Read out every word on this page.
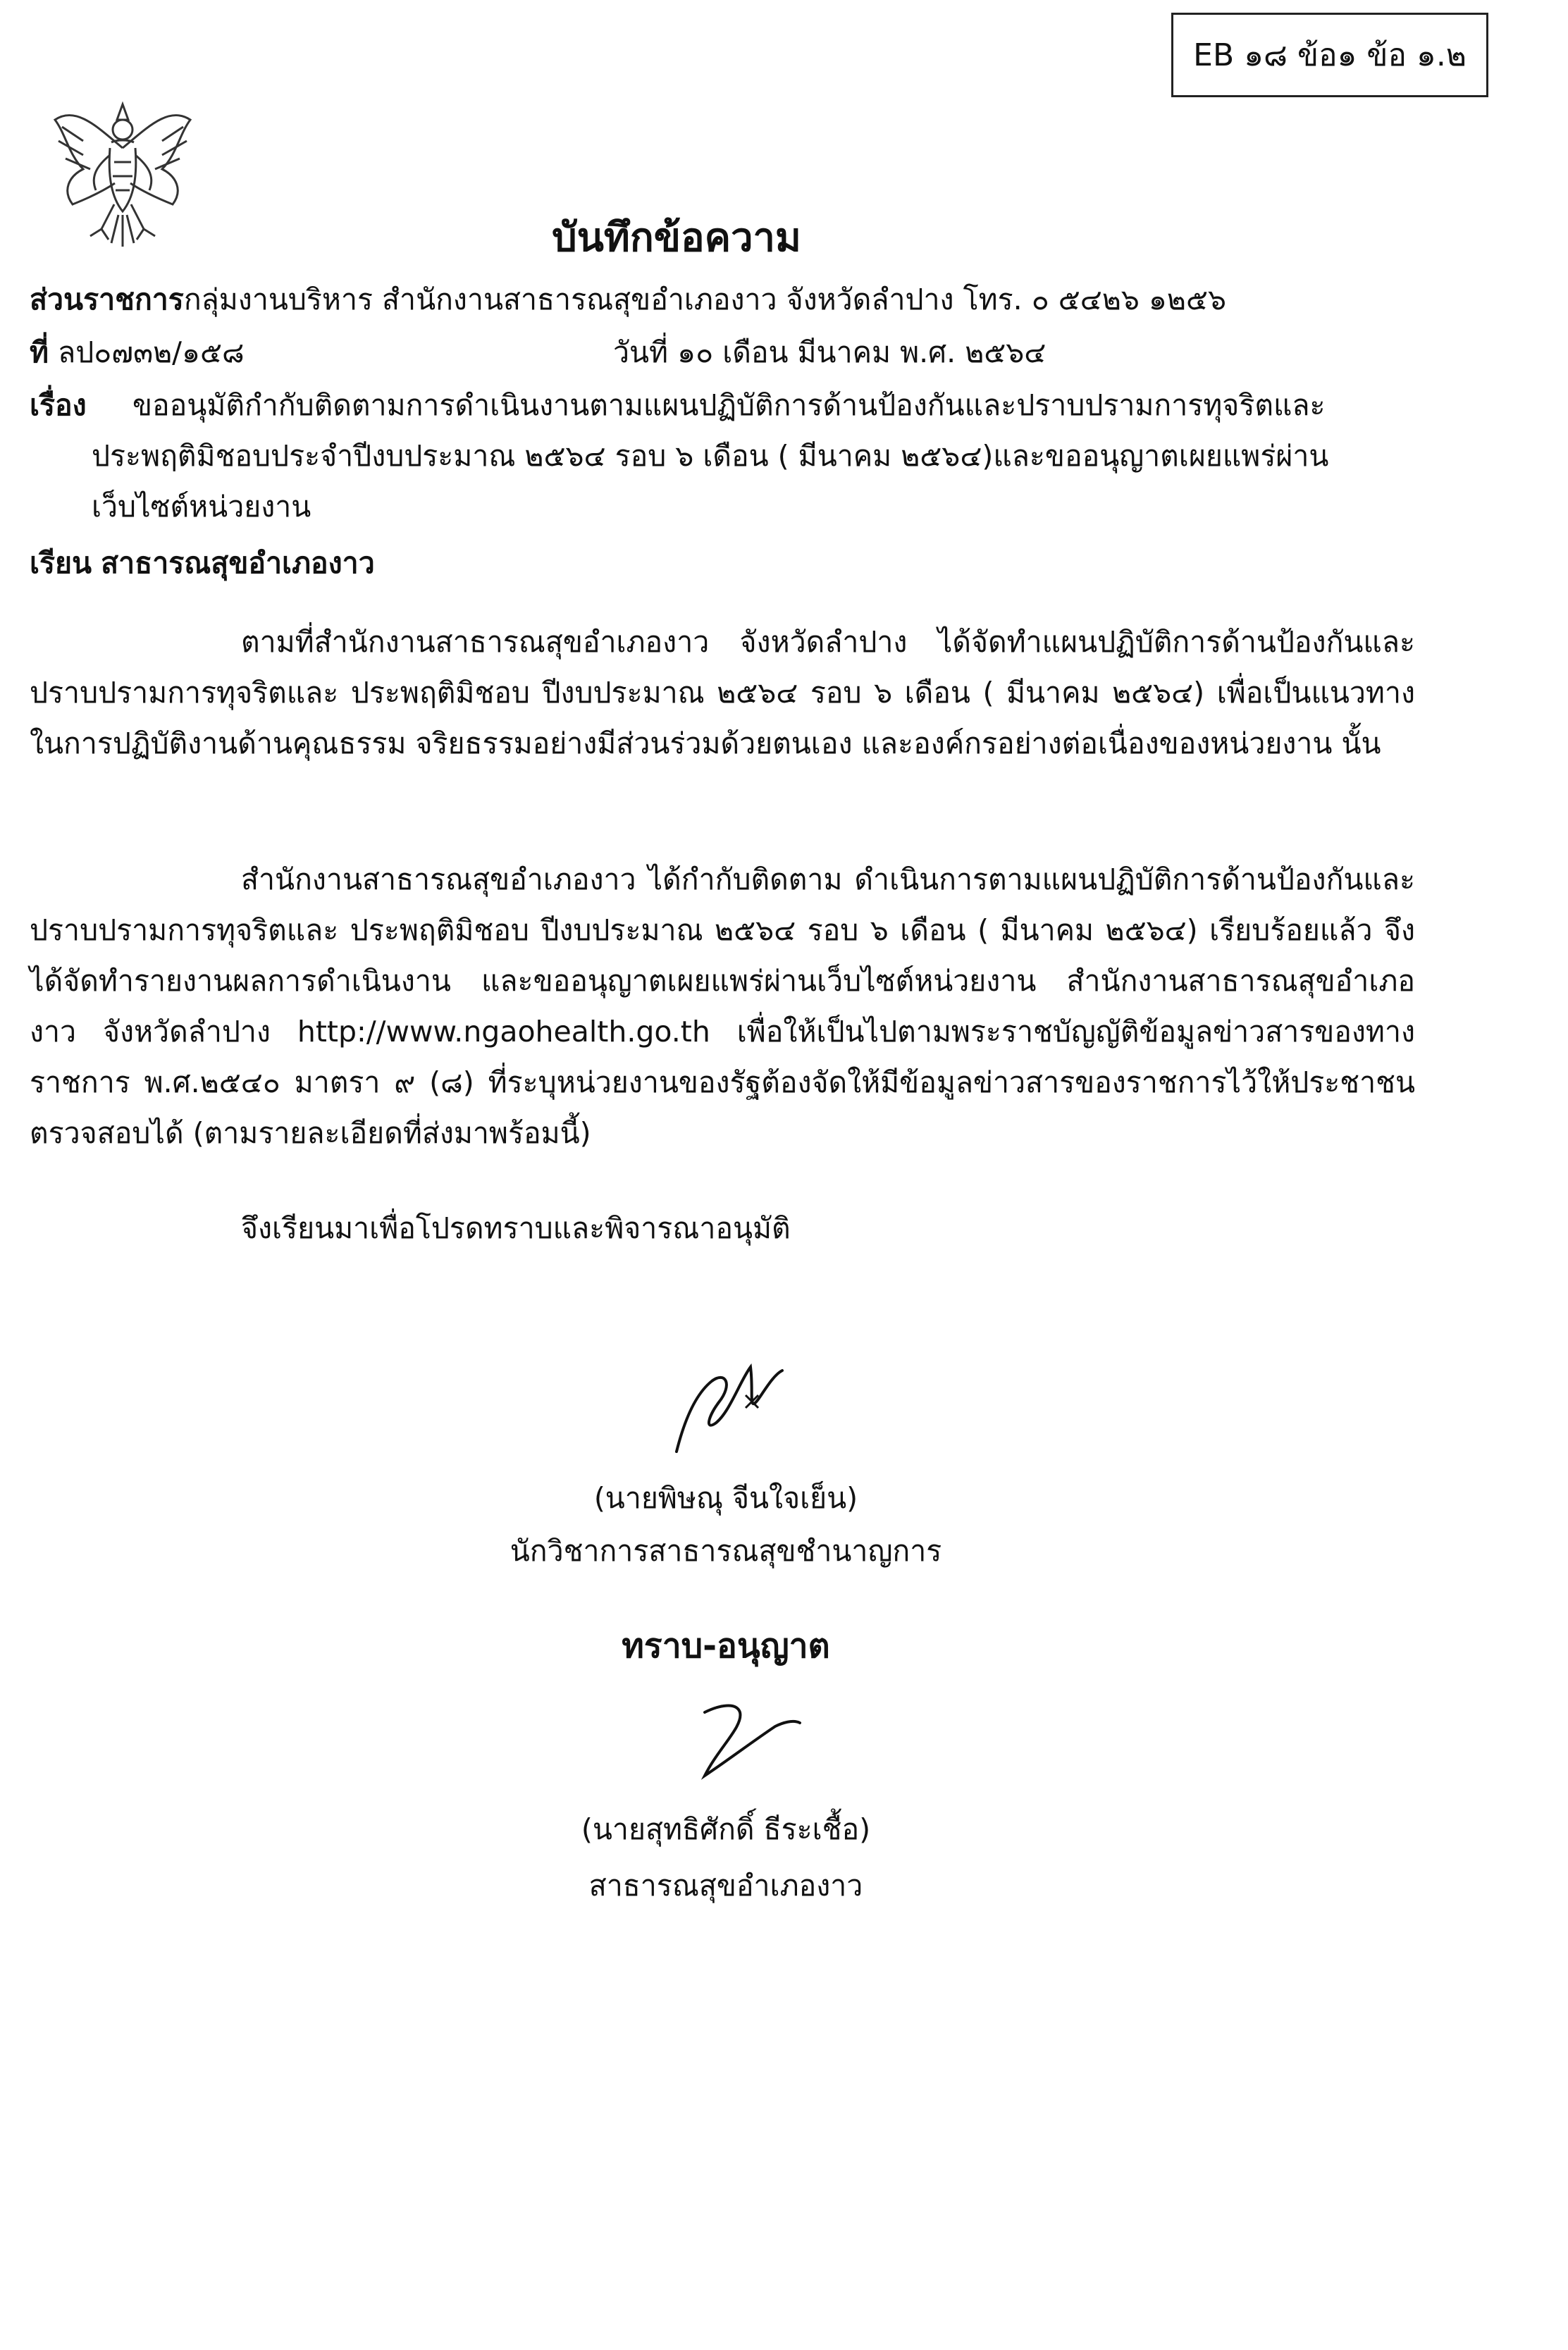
EB ๑๘ ข้อ๑ ข้อ ๑.๒
บันทึกข้อความ
ส่วนราชการกลุ่มงานบริหาร สำนักงานสาธารณสุขอำเภองาว จังหวัดลำปาง โทร. ๐ ๕๔๒๖ ๑๒๕๖
ที่ ลป๐๗๓๒/๑๕๘	วันที่ ๑๐ เดือน มีนาคม พ.ศ. ๒๕๖๔
เรื่อง ขออนุมัติกำกับติดตามการดำเนินงานตามแผนปฏิบัติการด้านป้องกันและปราบปรามการทุจริตและ
ประพฤติมิชอบประจำปีงบประมาณ ๒๕๖๔ รอบ ๖ เดือน ( มีนาคม ๒๕๖๔)และขออนุญาตเผยแพร่ผ่าน
เว็บไซต์หน่วยงาน
เรียน สาธารณสุขอำเภองาว
ตามที่สำนักงานสาธารณสุขอำเภองาว จังหวัดลำปาง ได้จัดทำแผนปฏิบัติการด้านป้องกันและปราบปรามการทุจริตและ ประพฤติมิชอบ ปีงบประมาณ ๒๕๖๔ รอบ ๖ เดือน ( มีนาคม ๒๕๖๔) เพื่อเป็นแนวทางในการปฏิบัติงานด้านคุณธรรม จริยธรรมอย่างมีส่วนร่วมด้วยตนเอง และองค์กรอย่างต่อเนื่องของหน่วยงาน นั้น
สำนักงานสาธารณสุขอำเภองาว ได้กำกับติดตาม ดำเนินการตามแผนปฏิบัติการด้านป้องกันและปราบปรามการทุจริตและ ประพฤติมิชอบ ปีงบประมาณ ๒๕๖๔ รอบ ๖ เดือน ( มีนาคม ๒๕๖๔) เรียบร้อยแล้ว จึงได้จัดทำรายงานผลการดำเนินงาน และขออนุญาตเผยแพร่ผ่านเว็บไซต์หน่วยงาน สำนักงานสาธารณสุขอำเภองาว จังหวัดลำปาง http://www.ngaohealth.go.th เพื่อให้เป็นไปตามพระราชบัญญัติข้อมูลข่าวสารของทางราชการ พ.ศ.๒๕๔๐ มาตรา ๙ (๘) ที่ระบุหน่วยงานของรัฐต้องจัดให้มีข้อมูลข่าวสารของราชการไว้ให้ประชาชนตรวจสอบได้ (ตามรายละเอียดที่ส่งมาพร้อมนี้)
จึงเรียนมาเพื่อโปรดทราบและพิจารณาอนุมัติ
(นายพิษณุ จีนใจเย็น)
นักวิชาการสาธารณสุขชำนาญการ
ทราบ-อนุญาต
(นายสุทธิศักดิ์ ธีระเชื้อ)
สาธารณสุขอำเภองาว
